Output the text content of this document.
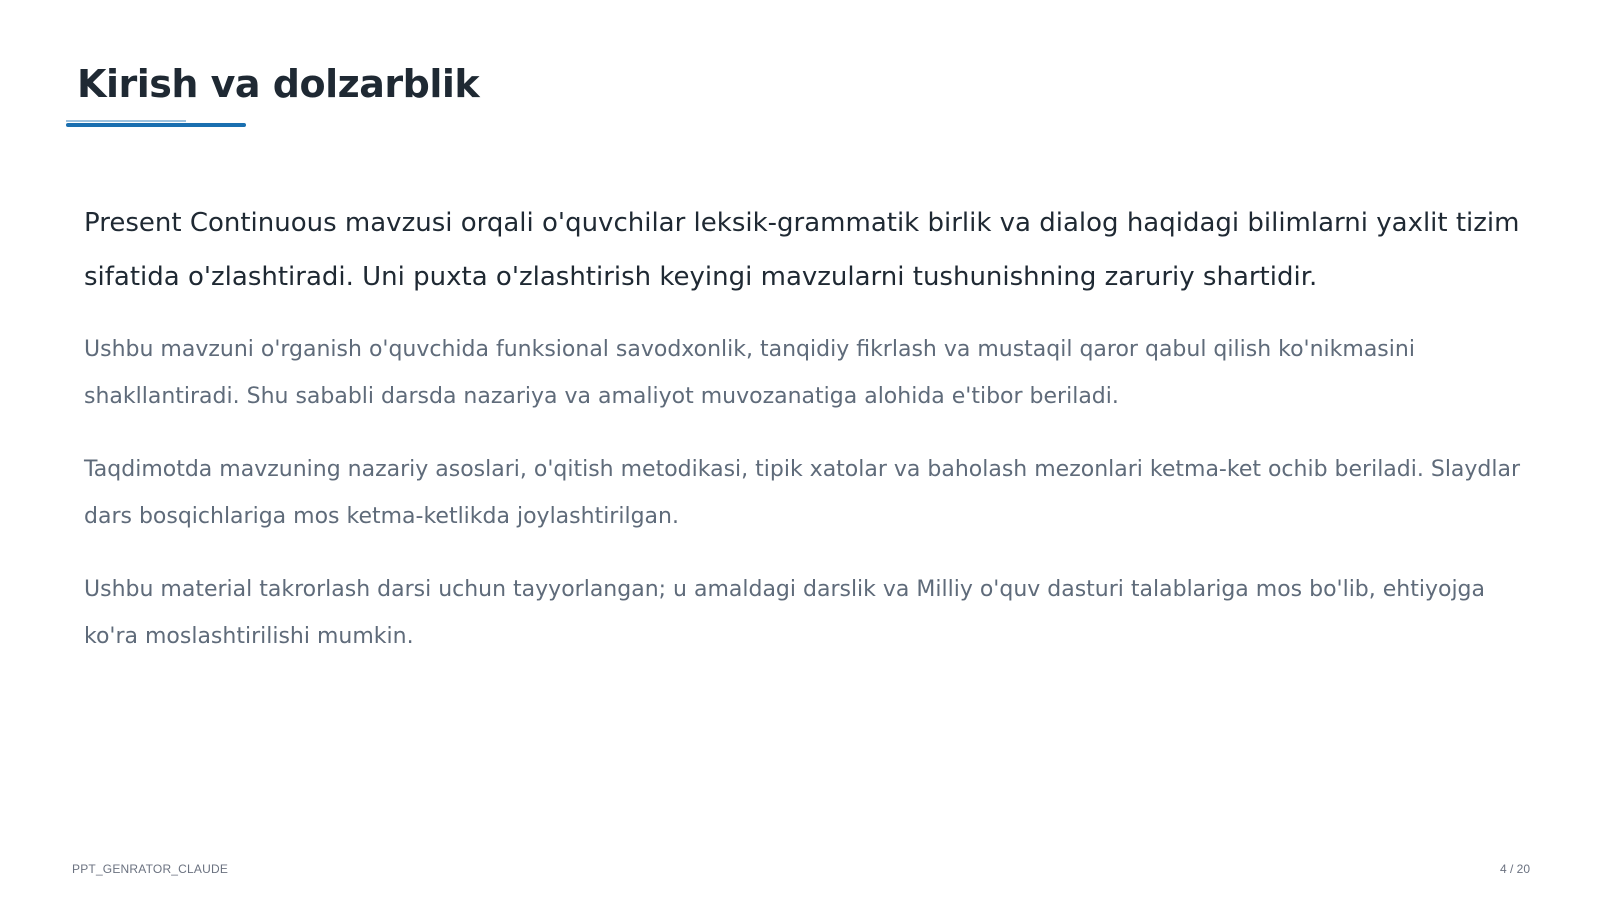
Kirish va dolzarblik

Present Continuous mavzusi orqali o'quvchilar leksik-grammatik birlik va dialog haqidagi bilimlarni yaxlit tizim sifatida o'zlashtiradi. Uni puxta o'zlashtirish keyingi mavzularni tushunishning zaruriy shartidir.

Ushbu mavzuni o'rganish o'quvchida funksional savodxonlik, tanqidiy fikrlash va mustaqil qaror qabul qilish ko'nikmasini shakllantiradi. Shu sababli darsda nazariya va amaliyot muvozanatiga alohida e'tibor beriladi.

Taqdimotda mavzuning nazariy asoslari, o'qitish metodikasi, tipik xatolar va baholash mezonlari ketma-ket ochib beriladi. Slaydlar dars bosqichlariga mos ketma-ketlikda joylashtirilgan.

Ushbu material takrorlash darsi uchun tayyorlangan; u amaldagi darslik va Milliy o'quv dasturi talablariga mos bo'lib, ehtiyojga ko'ra moslashtirilishi mumkin.

PPT_GENRATOR_CLAUDE	4 / 20
